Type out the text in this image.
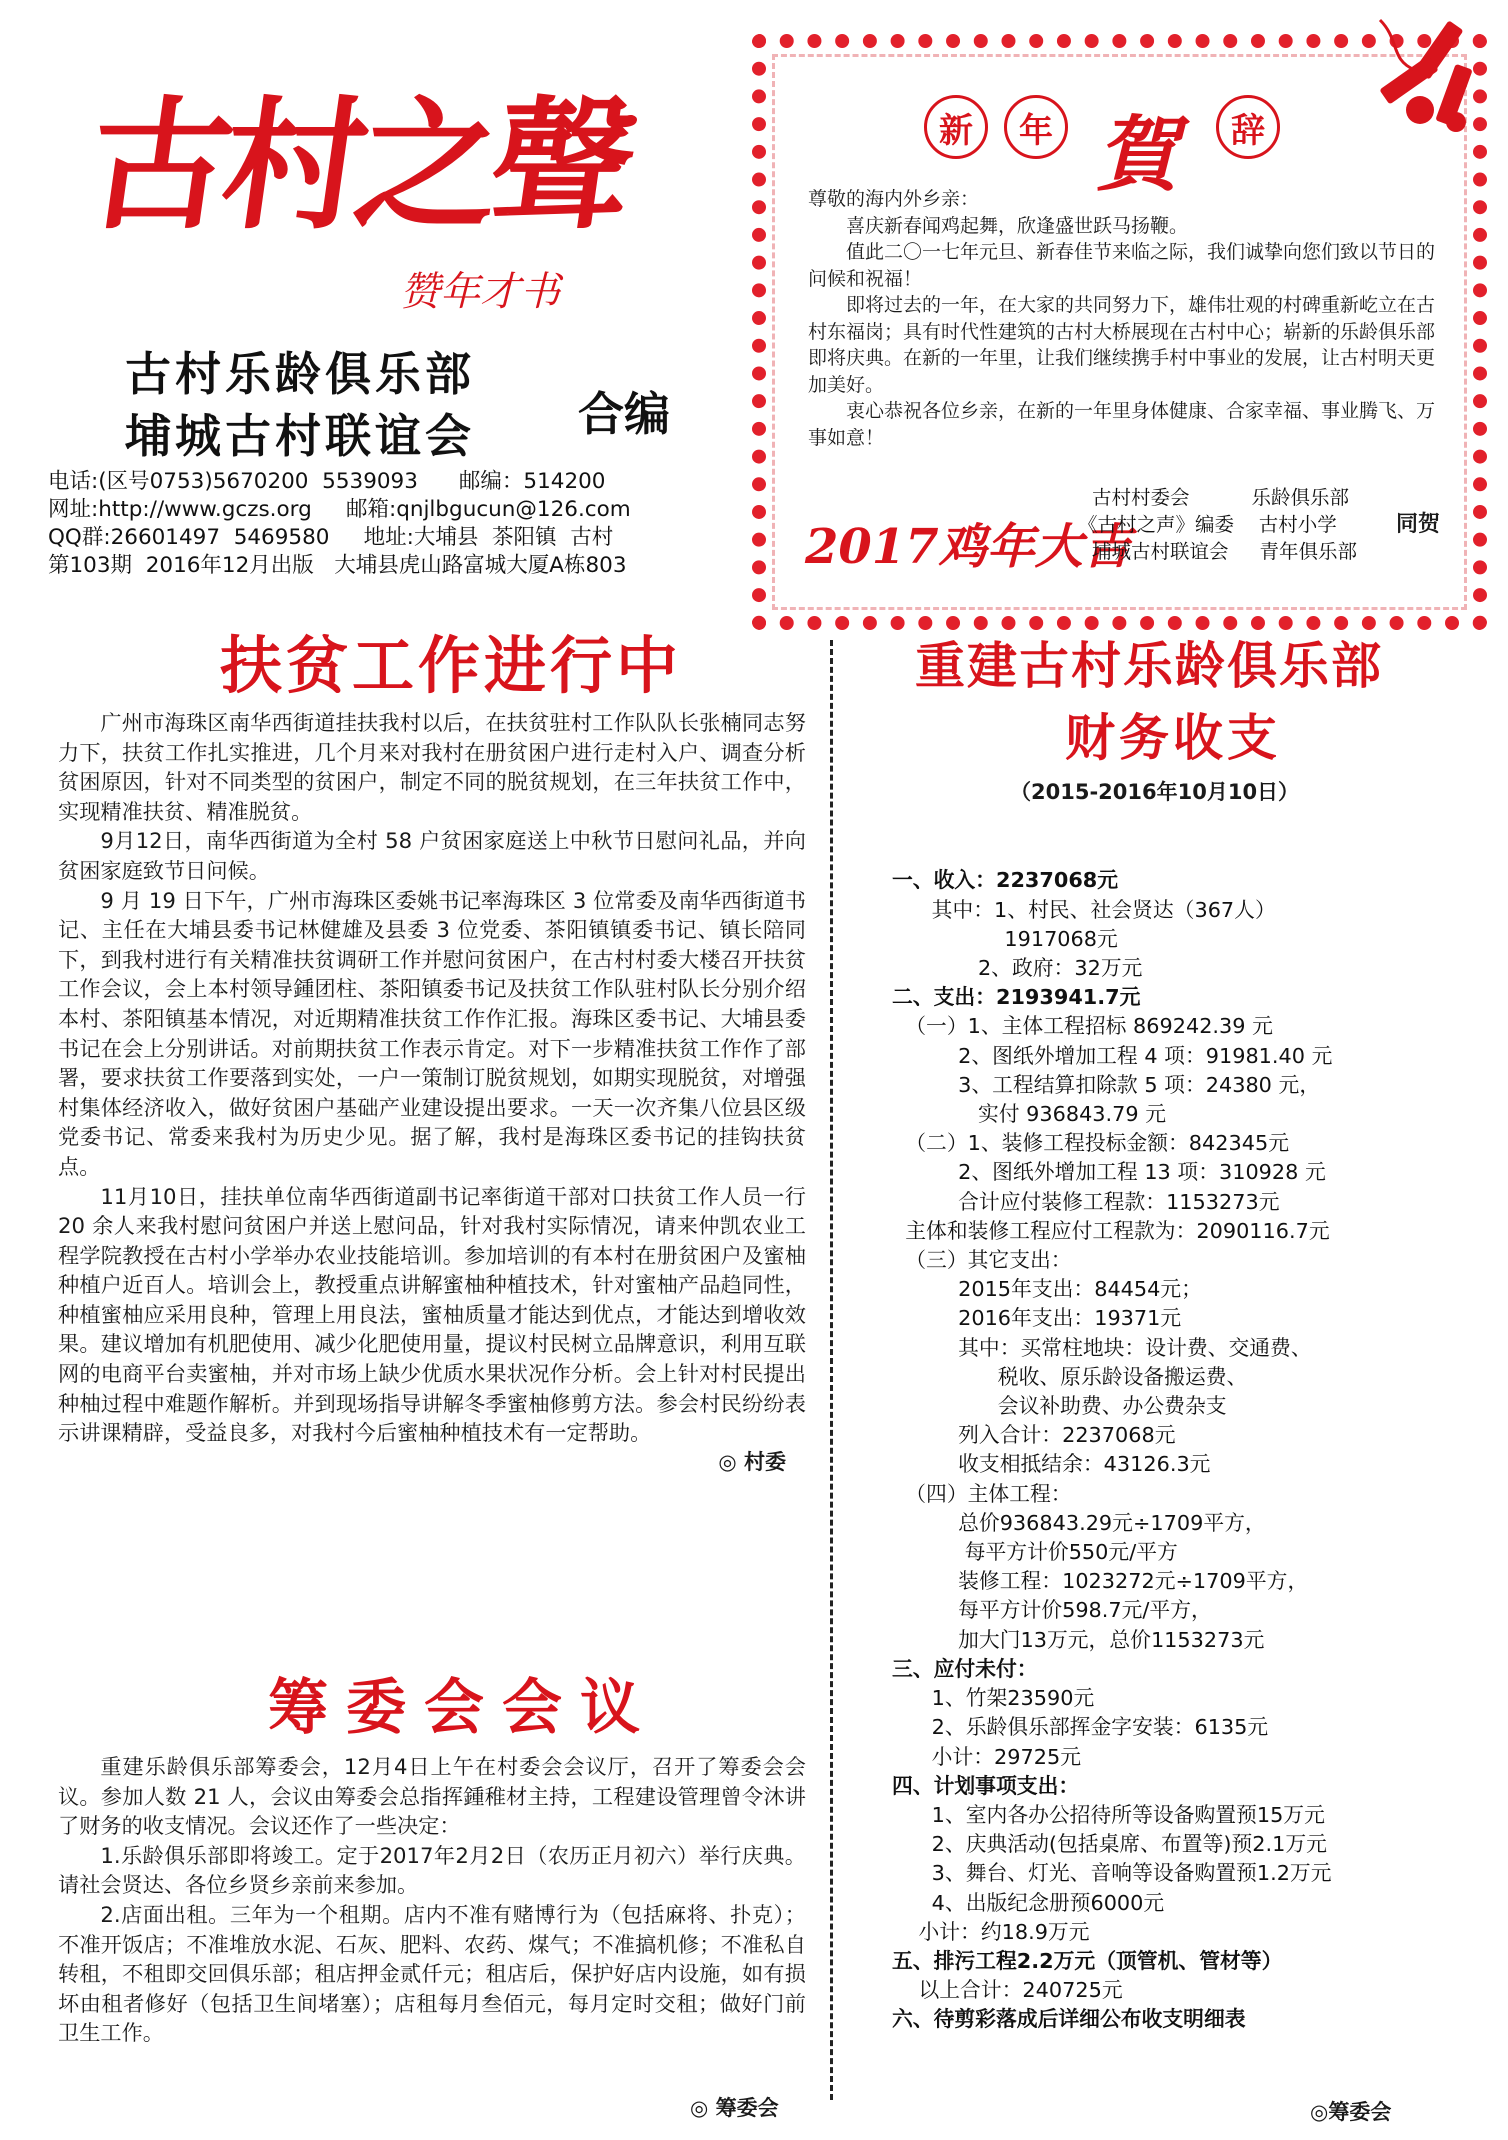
古村之聲
赞年才书
古村乐龄俱乐部
埔城古村联谊会 合编
电话:(区号0753)5670200  5539093      邮编：514200
网址:http://www.gczs.org     邮箱:qnjlbgucun@126.com
QQ群:26601497  5469580     地址:大埔县  茶阳镇  古村
第103期  2016年12月出版   大埔县虎山路富城大厦A栋803
新	年 賀	辞

尊敬的海内外乡亲：

喜庆新春闻鸡起舞，欣逢盛世跃马扬鞭。

值此二〇一七年元旦、新春佳节来临之际，我们诚挚向您们致以节日的问候和祝福！

即将过去的一年，在大家的共同努力下，雄伟壮观的村碑重新屹立在古村东福岗；具有时代性建筑的古村大桥展现在古村中心；崭新的乐龄俱乐部即将庆典。在新的一年里，让我们继续携手村中事业的发展，让古村明天更加美好。

衷心恭祝各位乡亲，在新的一年里身体健康、合家幸福、事业腾飞、万事如意！

2017鸡年大吉
古村村委会          乐龄俱乐部
《古村之声》编委    古村小学
埔城古村联谊会     青年俱乐部
同贺
扶贫工作进行中

广州市海珠区南华西街道挂扶我村以后，在扶贫驻村工作队队长张楠同志努力下，扶贫工作扎实推进，几个月来对我村在册贫困户进行走村入户、调查分析贫困原因，针对不同类型的贫困户，制定不同的脱贫规划，在三年扶贫工作中，实现精准扶贫、精准脱贫。

9月12日，南华西街道为全村 58 户贫困家庭送上中秋节日慰问礼品，并向贫困家庭致节日问候。

9 月 19 日下午，广州市海珠区委姚书记率海珠区 3 位常委及南华西街道书记、主任在大埔县委书记林健雄及县委 3 位党委、茶阳镇镇委书记、镇长陪同下，到我村进行有关精准扶贫调研工作并慰问贫困户，在古村村委大楼召开扶贫工作会议，会上本村领导鍾团柱、茶阳镇委书记及扶贫工作队驻村队长分别介绍本村、茶阳镇基本情况，对近期精准扶贫工作作汇报。海珠区委书记、大埔县委书记在会上分别讲话。对前期扶贫工作表示肯定。对下一步精准扶贫工作作了部署，要求扶贫工作要落到实处，一户一策制订脱贫规划，如期实现脱贫，对增强村集体经济收入，做好贫困户基础产业建设提出要求。一天一次齐集八位县区级党委书记、常委来我村为历史少见。据了解，我村是海珠区委书记的挂钩扶贫点。

11月10日，挂扶单位南华西街道副书记率街道干部对口扶贫工作人员一行 20 余人来我村慰问贫困户并送上慰问品，针对我村实际情况，请来仲凯农业工程学院教授在古村小学举办农业技能培训。参加培训的有本村在册贫困户及蜜柚种植户近百人。培训会上，教授重点讲解蜜柚种植技术，针对蜜柚产品趋同性，种植蜜柚应采用良种，管理上用良法，蜜柚质量才能达到优点，才能达到增收效果。建议增加有机肥使用、减少化肥使用量，提议村民树立品牌意识，利用互联网的电商平台卖蜜柚，并对市场上缺少优质水果状况作分析。会上针对村民提出种柚过程中难题作解析。并到现场指导讲解冬季蜜柚修剪方法。参会村民纷纷表示讲课精辟，受益良多，对我村今后蜜柚种植技术有一定帮助。

◎ 村委
筹委会会议

重建乐龄俱乐部筹委会，12月4日上午在村委会会议厅，召开了筹委会会议。参加人数 21 人，会议由筹委会总指挥鍾稚材主持，工程建设管理曾令沐讲了财务的收支情况。会议还作了一些决定：

1.乐龄俱乐部即将竣工。定于2017年2月2日（农历正月初六）举行庆典。请社会贤达、各位乡贤乡亲前来参加。

2.店面出租。三年为一个租期。店内不准有赌博行为（包括麻将、扑克）；不准开饭店；不准堆放水泥、石灰、肥料、农药、煤气；不准搞机修；不准私自转租，不租即交回俱乐部；租店押金贰仟元；租店后，保护好店内设施，如有损坏由租者修好（包括卫生间堵塞）；店租每月叁佰元，每月定时交租；做好门前卫生工作。

◎ 筹委会
重建古村乐龄俱乐部
财务收支
（2015-2016年10月10日）

一、收入：2237068元
其中：1、村民、社会贤达（367人）
1917068元
2、政府：32万元
二、支出：2193941.7元
（一）1、主体工程招标 869242.39 元
2、图纸外增加工程 4 项：91981.40 元
3、工程结算扣除款 5 项：24380 元，
实付 936843.79 元
（二）1、装修工程投标金额：842345元
2、图纸外增加工程 13 项：310928 元
合计应付装修工程款：1153273元
主体和装修工程应付工程款为：2090116.7元
（三）其它支出：
2015年支出：84454元；
2016年支出：19371元
其中：买常柱地块：设计费、交通费、
税收、原乐龄设备搬运费、
会议补助费、办公费杂支
列入合计：2237068元
收支相抵结余：43126.3元
（四）主体工程：
总价936843.29元÷1709平方，
每平方计价550元/平方
装修工程：1023272元÷1709平方，
每平方计价598.7元/平方，
加大门13万元，总价1153273元
三、应付未付：
1、竹架23590元
2、乐龄俱乐部挥金字安装：6135元
小计：29725元
四、计划事项支出：
1、室内各办公招待所等设备购置预15万元
2、庆典活动(包括桌席、布置等)预2.1万元
3、舞台、灯光、音响等设备购置预1.2万元
4、出版纪念册预6000元
小计：约18.9万元
五、排污工程2.2万元（顶管机、管材等）
以上合计：240725元
六、待剪彩落成后详细公布收支明细表

◎筹委会
